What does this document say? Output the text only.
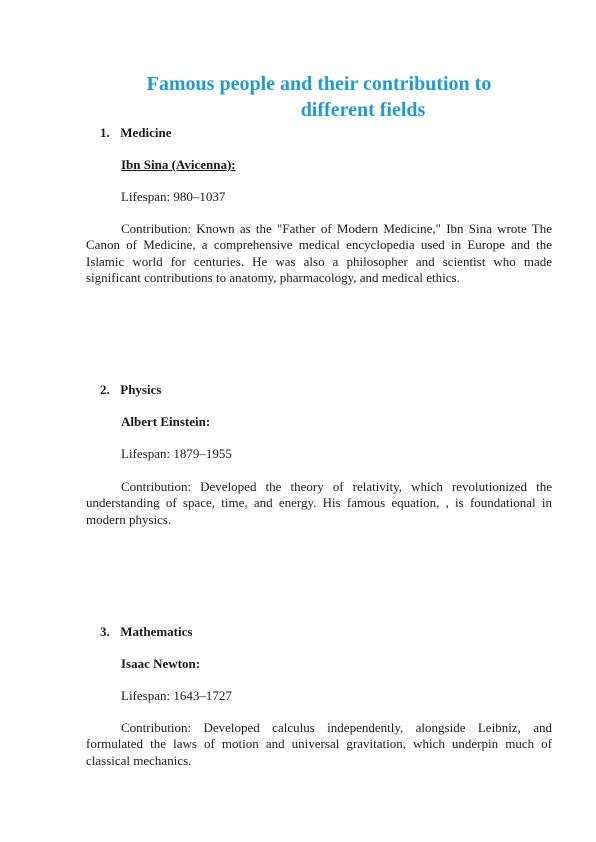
Famous people and their contribution to
different fields

1. Medicine

Ibn Sina (Avicenna):

Lifespan: 980–1037

Contribution: Known as the "Father of Modern Medicine," Ibn Sina wrote The Canon of Medicine, a comprehensive medical encyclopedia used in Europe and the Islamic world for centuries. He was also a philosopher and scientist who made significant contributions to anatomy, pharmacology, and medical ethics.

2. Physics

Albert Einstein:

Lifespan: 1879–1955

Contribution: Developed the theory of relativity, which revolutionized the understanding of space, time, and energy. His famous equation, , is foundational in modern physics.

3. Mathematics

Isaac Newton:

Lifespan: 1643–1727

Contribution: Developed calculus independently, alongside Leibniz, and formulated the laws of motion and universal gravitation, which underpin much of classical mechanics.
